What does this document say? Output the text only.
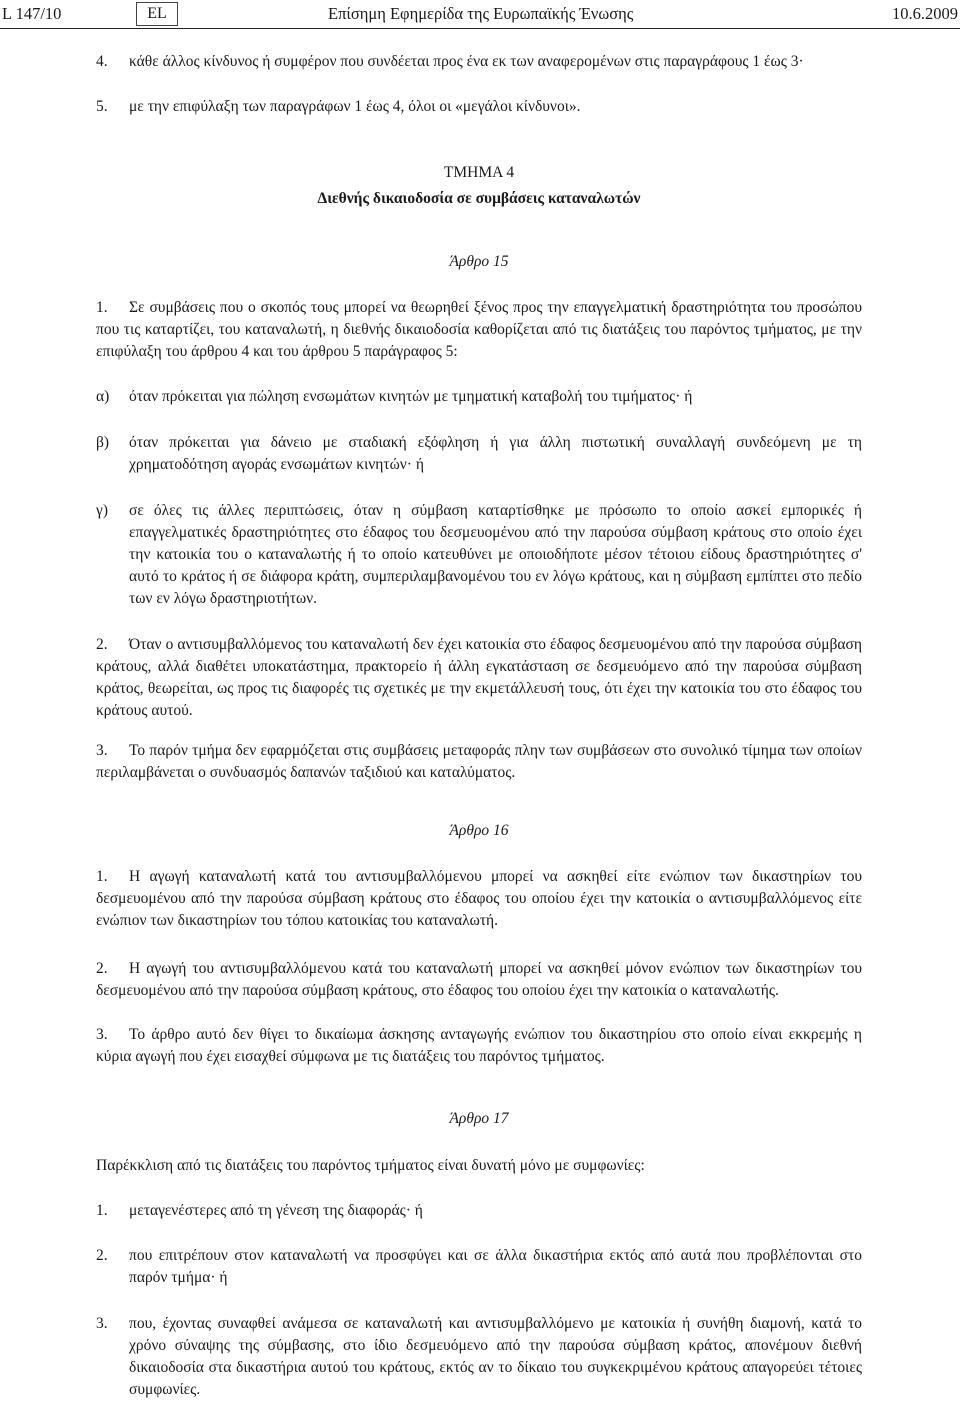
L 147/10	EL	Επίσημη Εφημερίδα της Ευρωπαϊκής Ένωσης	10.6.2009
4. κάθε άλλος κίνδυνος ή συμφέρον που συνδέεται προς ένα εκ των αναφερομένων στις παραγράφους 1 έως 3·
5. με την επιφύλαξη των παραγράφων 1 έως 4, όλοι οι «μεγάλοι κίνδυνοι».
ΤΜΗΜΑ 4
Διεθνής δικαιοδοσία σε συμβάσεις καταναλωτών
Άρθρο 15
1. Σε συμβάσεις που ο σκοπός τους μπορεί να θεωρηθεί ξένος προς την επαγγελματική δραστηριότητα του προσώπου που τις καταρτίζει, του καταναλωτή, η διεθνής δικαιοδοσία καθορίζεται από τις διατάξεις του παρόντος τμήματος, με την επιφύλαξη του άρθρου 4 και του άρθρου 5 παράγραφος 5:
α) όταν πρόκειται για πώληση ενσωμάτων κινητών με τμηματική καταβολή του τιμήματος· ή
β) όταν πρόκειται για δάνειο με σταδιακή εξόφληση ή για άλλη πιστωτική συναλλαγή συνδεόμενη με τη χρηματοδότηση αγοράς ενσωμάτων κινητών· ή
γ) σε όλες τις άλλες περιπτώσεις, όταν η σύμβαση καταρτίσθηκε με πρόσωπο το οποίο ασκεί εμπορικές ή επαγγελματικές δραστηριότητες στο έδαφος του δεσμευομένου από την παρούσα σύμβαση κράτους στο οποίο έχει την κατοικία του ο καταναλωτής ή το οποίο κατευθύνει με οποιοδήποτε μέσον τέτοιου είδους δραστηριότητες σ' αυτό το κράτος ή σε διάφορα κράτη, συμπεριλαμβανομένου του εν λόγω κράτους, και η σύμβαση εμπίπτει στο πεδίο των εν λόγω δραστηριοτήτων.
2. Όταν ο αντισυμβαλλόμενος του καταναλωτή δεν έχει κατοικία στο έδαφος δεσμευομένου από την παρούσα σύμβαση κράτους, αλλά διαθέτει υποκατάστημα, πρακτορείο ή άλλη εγκατάσταση σε δεσμευόμενο από την παρούσα σύμβαση κράτος, θεωρείται, ως προς τις διαφορές τις σχετικές με την εκμετάλλευσή τους, ότι έχει την κατοικία του στο έδαφος του κράτους αυτού.
3. Το παρόν τμήμα δεν εφαρμόζεται στις συμβάσεις μεταφοράς πλην των συμβάσεων στο συνολικό τίμημα των οποίων περιλαμβάνεται ο συνδυασμός δαπανών ταξιδιού και καταλύματος.
Άρθρο 16
1. Η αγωγή καταναλωτή κατά του αντισυμβαλλόμενου μπορεί να ασκηθεί είτε ενώπιον των δικαστηρίων του δεσμευομένου από την παρούσα σύμβαση κράτους στο έδαφος του οποίου έχει την κατοικία ο αντισυμβαλλόμενος είτε ενώπιον των δικαστηρίων του τόπου κατοικίας του καταναλωτή.
2. Η αγωγή του αντισυμβαλλόμενου κατά του καταναλωτή μπορεί να ασκηθεί μόνον ενώπιον των δικαστηρίων του δεσμευομένου από την παρούσα σύμβαση κράτους, στο έδαφος του οποίου έχει την κατοικία ο καταναλωτής.
3. Το άρθρο αυτό δεν θίγει το δικαίωμα άσκησης ανταγωγής ενώπιον του δικαστηρίου στο οποίο είναι εκκρεμής η κύρια αγωγή που έχει εισαχθεί σύμφωνα με τις διατάξεις του παρόντος τμήματος.
Άρθρο 17
Παρέκκλιση από τις διατάξεις του παρόντος τμήματος είναι δυνατή μόνο με συμφωνίες:
1. μεταγενέστερες από τη γένεση της διαφοράς· ή
2. που επιτρέπουν στον καταναλωτή να προσφύγει και σε άλλα δικαστήρια εκτός από αυτά που προβλέπονται στο παρόν τμήμα· ή
3. που, έχοντας συναφθεί ανάμεσα σε καταναλωτή και αντισυμβαλλόμενο με κατοικία ή συνήθη διαμονή, κατά το χρόνο σύναψης της σύμβασης, στο ίδιο δεσμευόμενο από την παρούσα σύμβαση κράτος, απονέμουν διεθνή δικαιοδοσία στα δικαστήρια αυτού του κράτους, εκτός αν το δίκαιο του συγκεκριμένου κράτους απαγορεύει τέτοιες συμφωνίες.
